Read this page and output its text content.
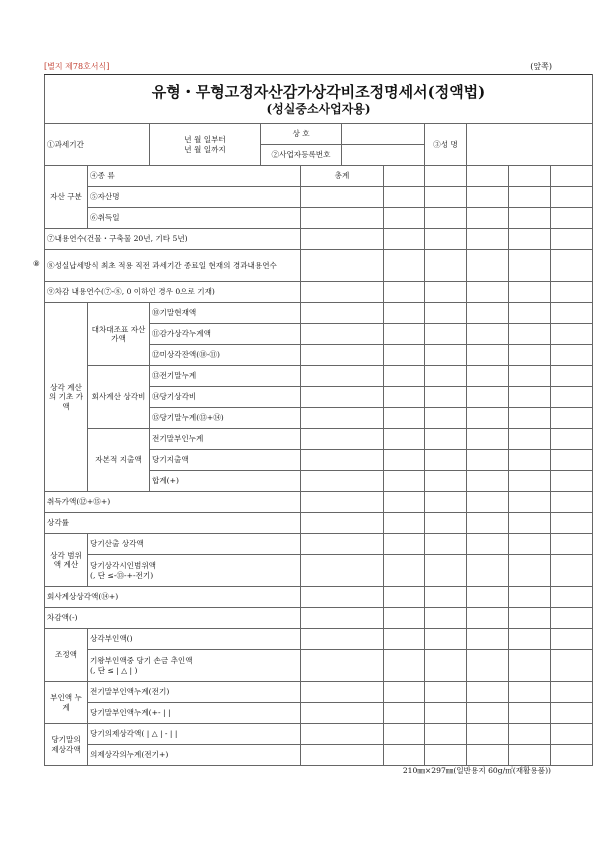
[별지 제78호서식]	(앞쪽)
유형・무형고정자산감가상각비조정명세서(정액법)
(성실중소사업자용)										

①과세기간		년 월 일부터
년 월 일까지	상 호				③성 명			
			②사업자등록번호							
자산 구분	④종 류			총계						
	⑤자산명									
	⑥취득일									
⑦내용연수(건물・구축물 20년, 기타 5년)										
⑧성실납세방식 최초 적용 직전 과세기간 종료일 현재의 경과내용연수										
⑨차감 내용연수(⑦-⑧, 0 이하인 경우 0으로 기재)										
상각 계산의 기초 가액	대차대조표 자산가액	⑩기말현재액								
		⑪감가상각누계액								
		⑫미상각잔액(⑩-⑪)								
	회사계산 상각비	⑬전기말누계								
		⑭당기상각비								
		⑮당기말누계(⑬+⑭)								
	자본적 지출액	전기말부인누계								
		당기지출액								
		합계(+)								
취득가액(⑫+⑮+)										
상각률										
상각 범위액 계산	당기산출 상각액									

	당기상각시인범위액
(, 단 ≤-⑬-+-전기)									

회사계상상각액(⑭+)										
차감액(-)										
조정액	상각부인액()									

	기왕부인액중 당기 손금 추인액
(, 단 ≤ | △ | )									

부인액 누 계	전기말부인액누계(전기)									
	당기말부인액누계(+- | |									
당기말의 제상각액	당기의제상각액( | △ | - | |									
	의제상각의누계(전기+)									
⑧
210㎜×297㎜(일반용지 60g/㎡(재활용품))
